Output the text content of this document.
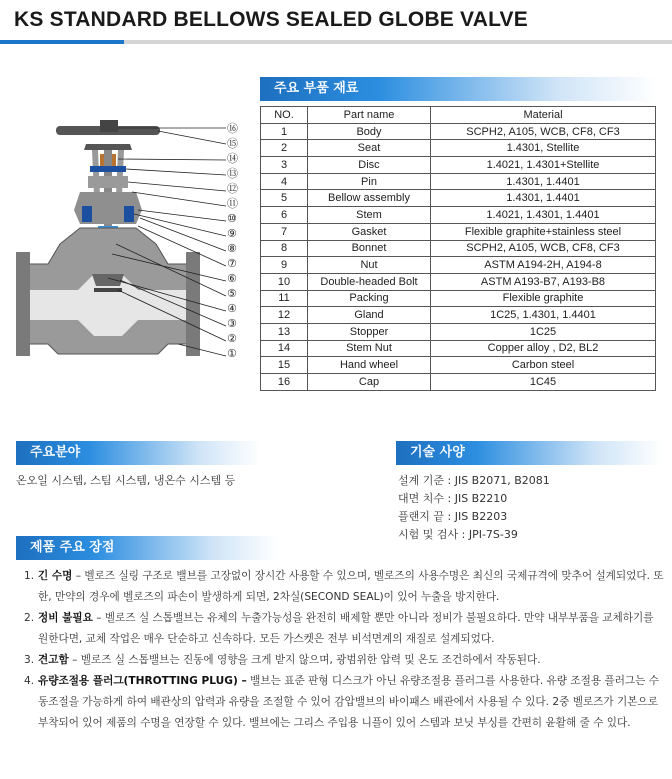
KS STANDARD BELLOWS SEALED GLOBE VALVE
주요 부품 재료
⑯
⑮
⑭
⑬
⑫
⑪
⑩
⑨
⑧
⑦
⑥
⑤
④
③
②
①
NO.	Part name	Material
1	Body	SCPH2, A105, WCB, CF8, CF3
2	Seat	1.4301, Stellite
3	Disc	1.4021, 1.4301+Stellite
4	Pin	1.4301, 1.4401
5	Bellow assembly	1.4301, 1.4401
6	Stem	1.4021, 1.4301, 1.4401
7	Gasket	Flexible graphite+stainless steel
8	Bonnet	SCPH2, A105, WCB, CF8, CF3
9	Nut	ASTM A194-2H, A194-8
10	Double-headed Bolt	ASTM A193-B7, A193-B8
11	Packing	Flexible graphite
12	Gland	1C25, 1.4301, 1.4401
13	Stopper	1C25
14	Stem Nut	Copper alloy , D2, BL2
15	Hand wheel	Carbon steel
16	Cap	1C45
주요분야
온오일 시스템, 스팀 시스템, 냉온수 시스템 등
기술 사양
설계 기준 : JIS B2071, B2081
대면 치수 : JIS B2210
플랜지 끝 : JIS B2203
시험 및 검사 : JPI-7S-39
제품 주요 장점
1. 긴 수명 – 벨로즈 실링 구조로 밸브를 고장없이 장시간 사용할 수 있으며, 벨로즈의 사용수명은 최신의 국제규격에 맞추어 설계되었다. 또한, 만약의 경우에 벨로즈의 파손이 발생하게 되면, 2차실(SECOND SEAL)이 있어 누출을 방지한다.
2. 정비 불필요 – 벨로즈 실 스톱밸브는 유체의 누출가능성을 완전히 배제할 뿐만 아니라 정비가 불필요하다. 만약 내부부품을 교체하기를 원한다면, 교체 작업은 매우 단순하고 신속하다. 모든 가스켓은 전부 비석면계의 재질로 설계되었다.
3. 견고함 – 벨로즈 실 스톱밸브는 진동에 영향을 크게 받지 않으며, 광범위한 압력 및 온도 조건하에서 작동된다.
4. 유량조절용 플러그(THROTTING PLUG) – 밸브는 표준 판형 디스크가 아닌 유량조절용 플러그를 사용한다. 유량 조절용 플러그는 수동조절을 가능하게 하여 배관상의 압력과 유량을 조절할 수 있어 감압밸브의 바이패스 배관에서 사용될 수 있다. 2중 벨로즈가 기본으로 부착되어 있어 제품의 수명을 연장할 수 있다. 밸브에는 그리스 주입용 니플이 있어 스템과 보닛 부싱를 간편히 윤활해 줄 수 있다.
